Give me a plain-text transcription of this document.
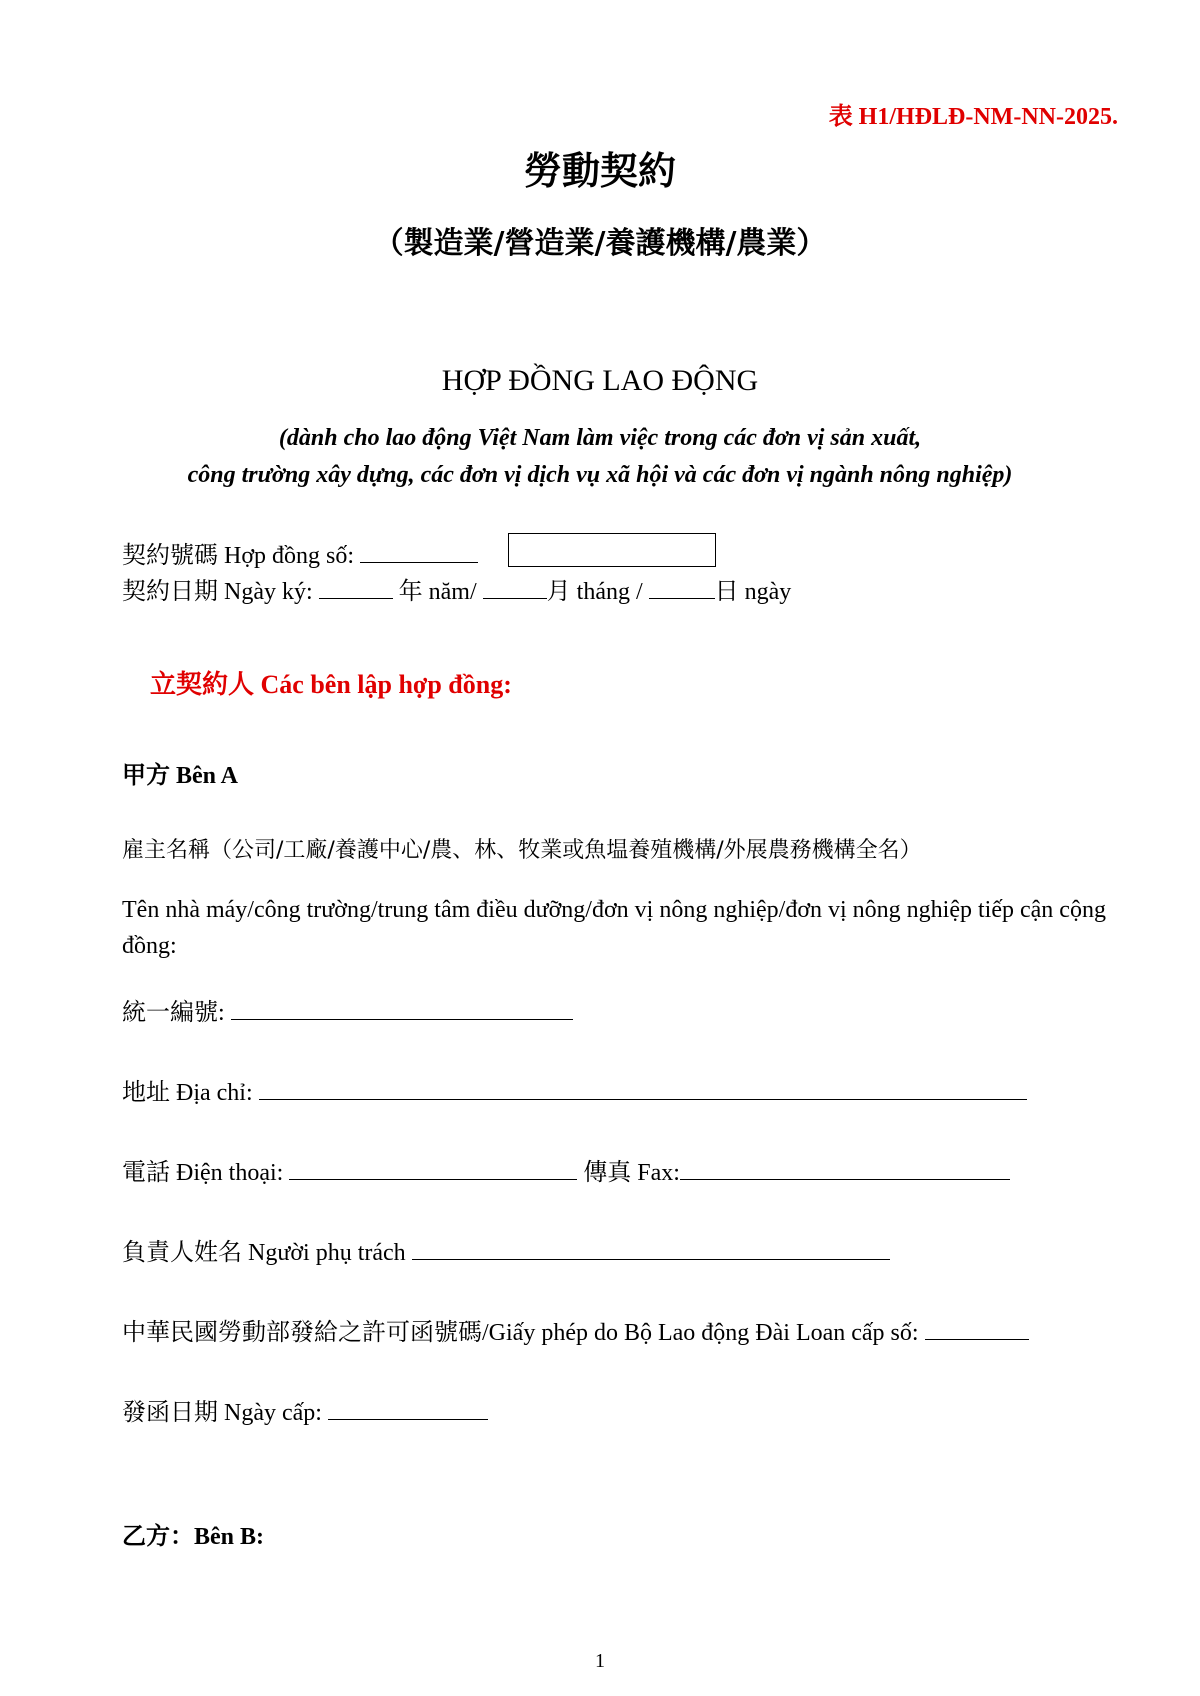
表 H1/HĐLĐ-NM-NN-2025.
勞動契約
（製造業/營造業/養護機構/農業）
HỢP ĐỒNG LAO ĐỘNG
(dành cho lao động Việt Nam làm việc trong các đơn vị sản xuất,
công trường xây dựng, các đơn vị dịch vụ xã hội và các đơn vị ngành nông nghiệp)
契約號碼 Hợp đồng số:
契約日期 Ngày ký:	年 năm/	月 tháng /	日 ngày
立契約人 Các bên lập hợp đồng:
甲方 Bên A
雇主名稱（公司/工廠/養護中心/農、林、牧業或魚塭養殖機構/外展農務機構全名）
Tên nhà máy/công trường/trung tâm điều dưỡng/đơn vị nông nghiệp/đơn vị nông nghiệp tiếp cận cộng đồng:
統一編號:
地址 Địa chỉ:
電話 Điện thoại:	傳真 Fax:
負責人姓名 Người phụ trách
中華民國勞動部發給之許可函號碼/Giấy phép do Bộ Lao động Đài Loan cấp số:
發函日期 Ngày cấp:
乙方：Bên B:
1
